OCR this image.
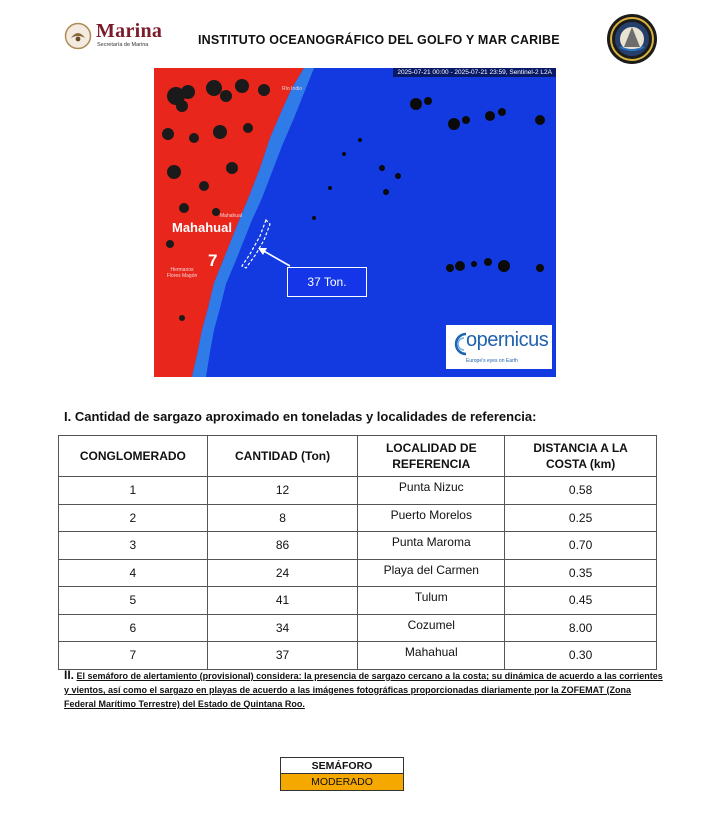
Marina
Secretaría de Marina	INSTITUTO OCEANOGRÁFICO DEL GOLFO Y MAR CARIBE
2025-07-21 00:00 - 2025-07-21 23:59, Sentinel-2 L2A
Río Indio
Mahahual
Hermanos Flores Magón
Mahahual
7
37 Ton.
opernicus
Europe's eyes on Earth
I. Cantidad de sargazo aproximado en toneladas y localidades de referencia:
CONGLOMERADO	CANTIDAD (Ton)	LOCALIDAD DE REFERENCIA	DISTANCIA A LA COSTA (km)
1	12	Punta Nizuc	0.58
2	8	Puerto Morelos	0.25
3	86	Punta Maroma	0.70
4	24	Playa del Carmen	0.35
5	41	Tulum	0.45
6	34	Cozumel	8.00
7	37	Mahahual	0.30
II. El semáforo de alertamiento (provisional) considera: la presencia de sargazo cercano a la costa; su dinámica de acuerdo a las corrientes y vientos, así como el sargazo en playas de acuerdo a las imágenes fotográficas proporcionadas diariamente por la ZOFEMAT (Zona Federal Marítimo Terrestre) del Estado de Quintana Roo.
SEMÁFORO
MODERADO
